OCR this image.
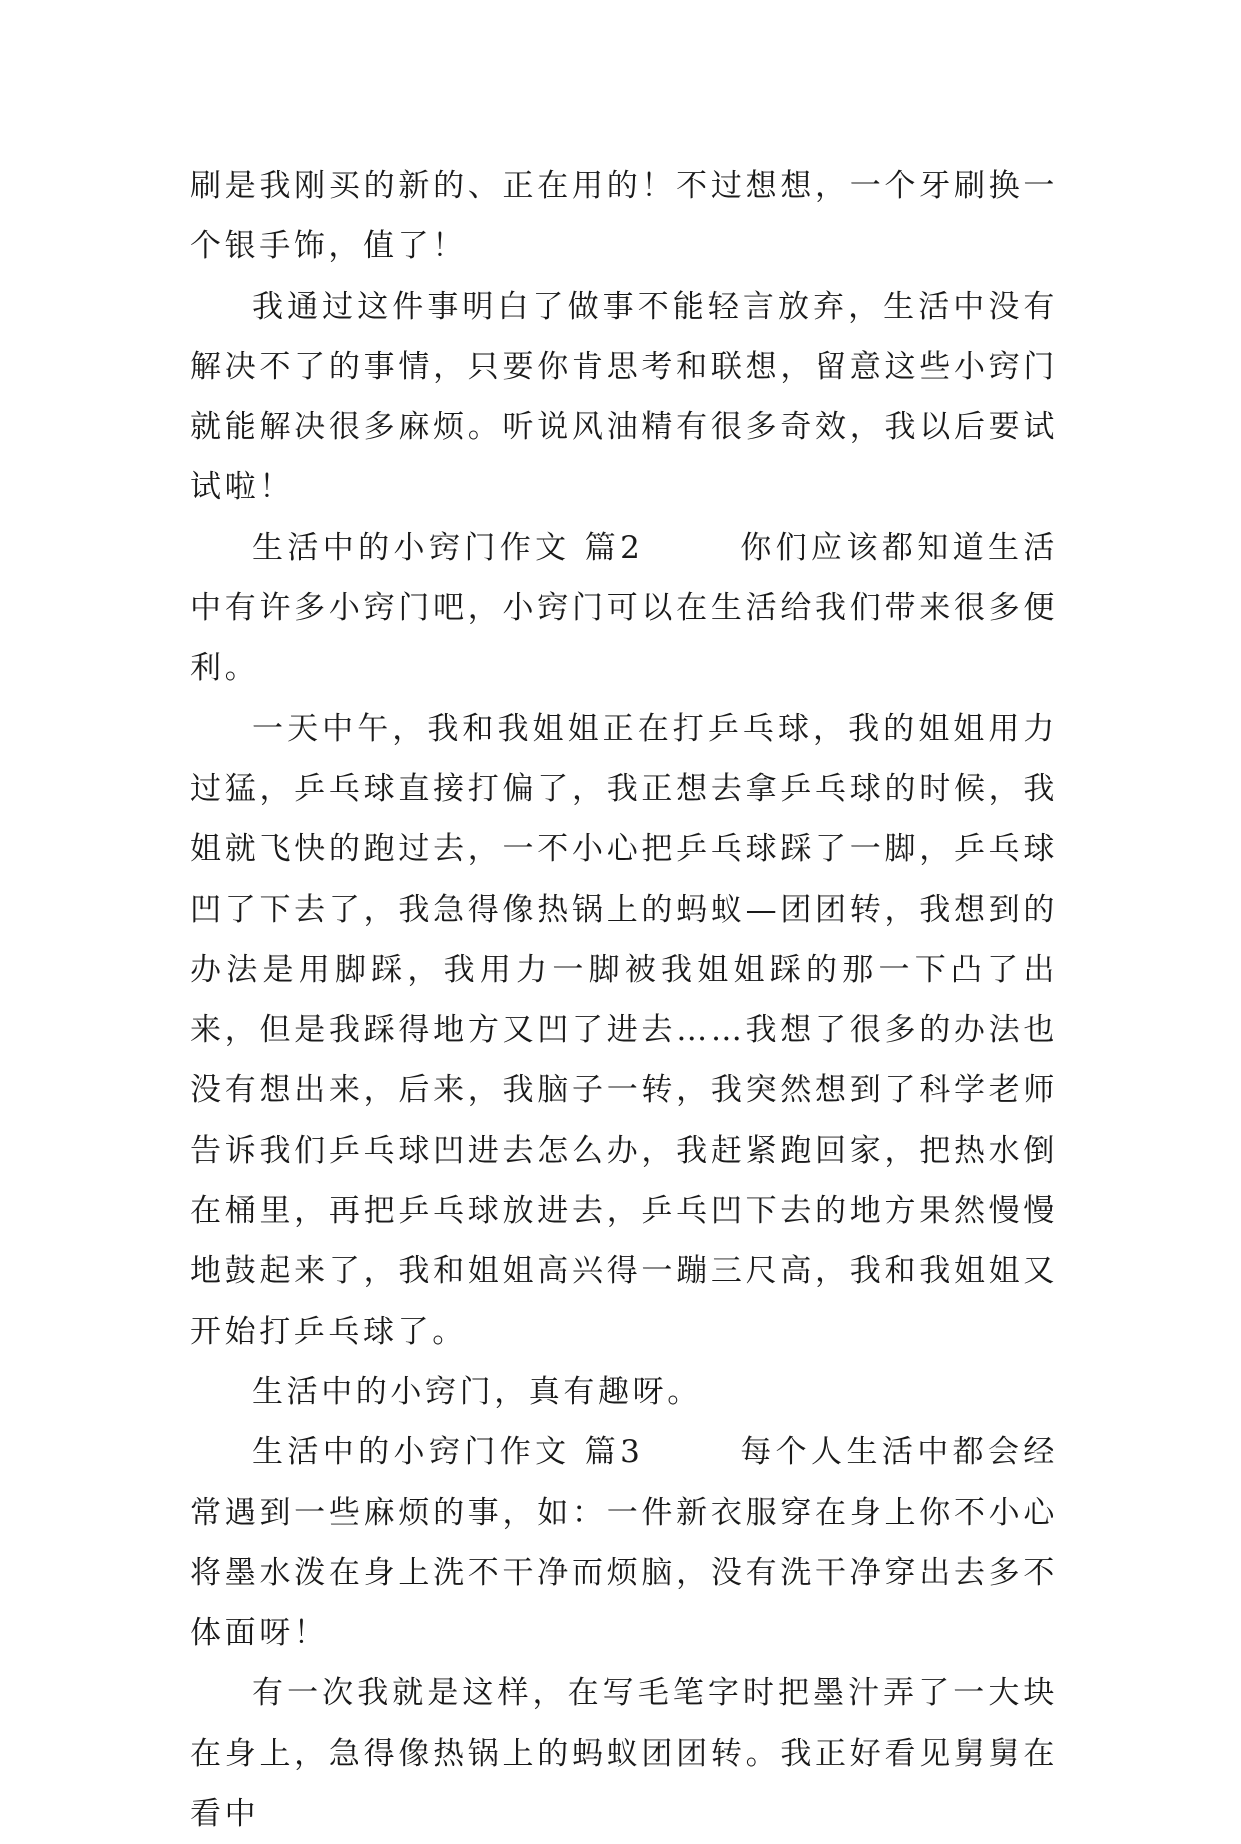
刷是我刚买的新的、正在用的！不过想想，一个牙刷换一个银手饰，值了！

我通过这件事明白了做事不能轻言放弃，生活中没有解决不了的事情，只要你肯思考和联想，留意这些小窍门就能解决很多麻烦。听说风油精有很多奇效，我以后要试试啦！

生活中的小窍门作文 篇2	你们应该都知道生活中有许多小窍门吧，小窍门可以在生活给我们带来很多便利。

一天中午，我和我姐姐正在打乒乓球，我的姐姐用力过猛，乒乓球直接打偏了，我正想去拿乒乓球的时候，我姐就飞快的跑过去，一不小心把乒乓球踩了一脚，乒乓球凹了下去了，我急得像热锅上的蚂蚁—团团转，我想到的办法是用脚踩，我用力一脚被我姐姐踩的那一下凸了出来，但是我踩得地方又凹了进去……我想了很多的办法也没有想出来，后来，我脑子一转，我突然想到了科学老师告诉我们乒乓球凹进去怎么办，我赶紧跑回家，把热水倒在桶里，再把乒乓球放进去，乒乓凹下去的地方果然慢慢地鼓起来了，我和姐姐高兴得一蹦三尺高，我和我姐姐又开始打乒乓球了。

生活中的小窍门，真有趣呀。

生活中的小窍门作文 篇3	每个人生活中都会经常遇到一些麻烦的事，如：一件新衣服穿在身上你不小心将墨水泼在身上洗不干净而烦脑，没有洗干净穿出去多不体面呀！

有一次我就是这样，在写毛笔字时把墨汁弄了一大块在身上，急得像热锅上的蚂蚁团团转。我正好看见舅舅在看中
